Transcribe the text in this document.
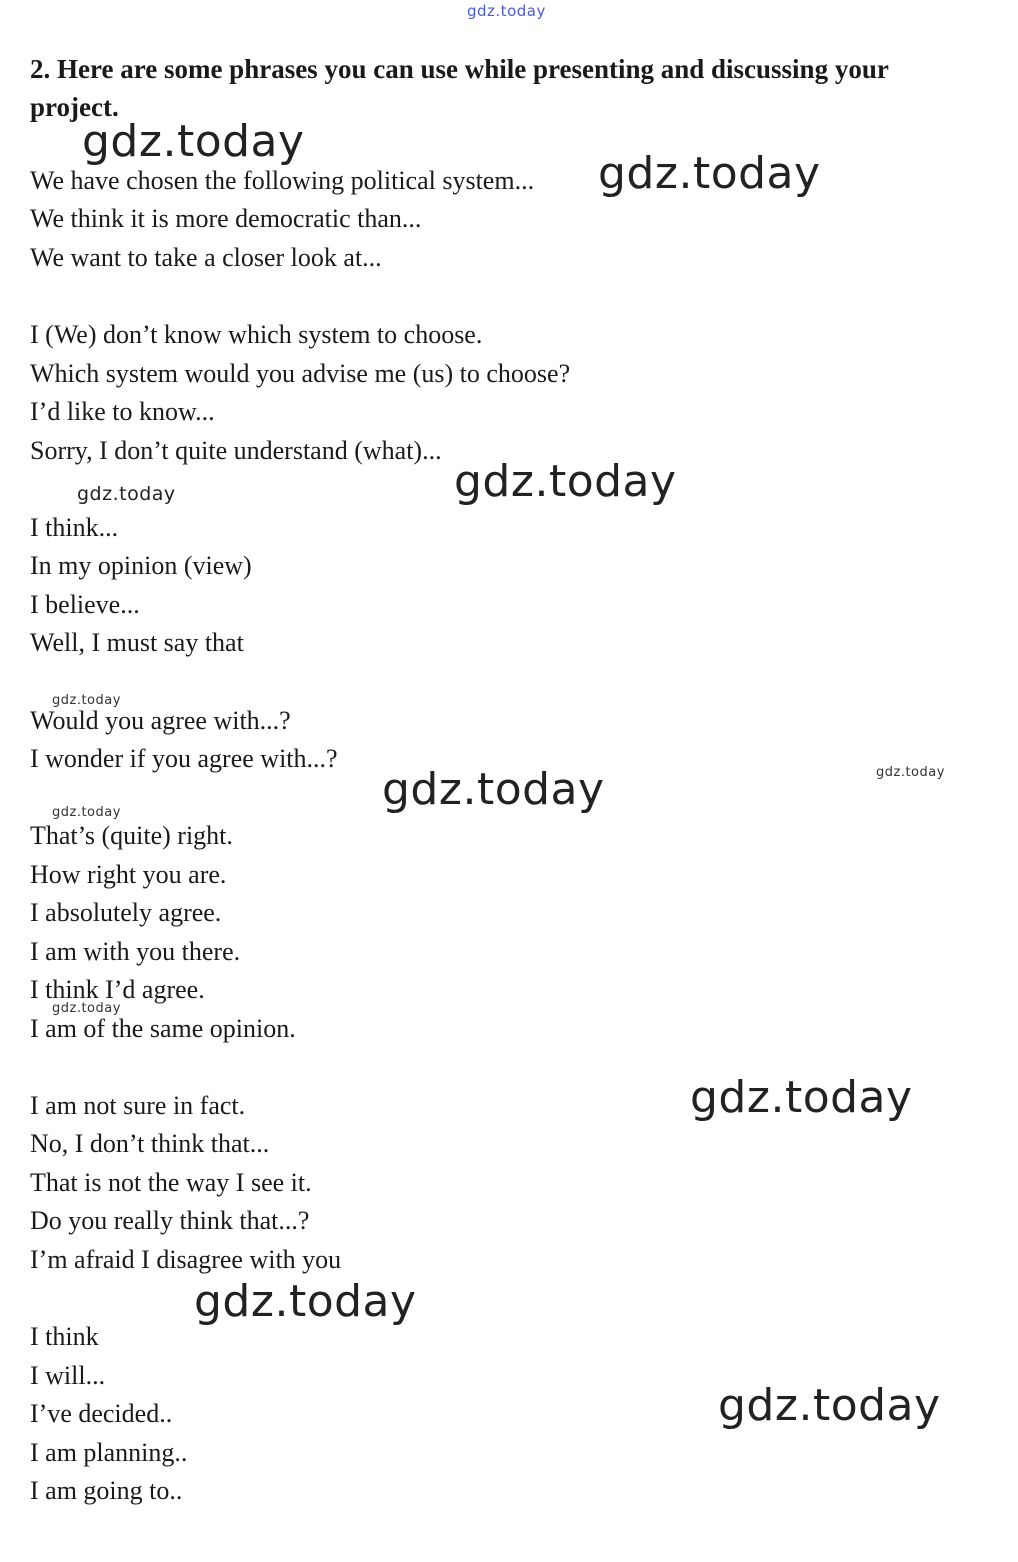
gdz.today

2. Here are some phrases you can use while presenting and discussing your project.

We have chosen the following political system...

We think it is more democratic than...

We want to take a closer look at...

I (We) don’t know which system to choose.

Which system would you advise me (us) to choose?

I’d like to know...

Sorry, I don’t quite understand (what)...

I think...

In my opinion (view)

I believe...

Well, I must say that

Would you agree with...?

I wonder if you agree with...?

That’s (quite) right.

How right you are.

I absolutely agree.

I am with you there.

I think I’d agree.

I am of the same opinion.

I am not sure in fact.

No, I don’t think that...

That is not the way I see it.

Do you really think that...?

I’m afraid I disagree with you

I think

I will...

I’ve decided..

I am planning..

I am going to..

gdz.today
gdz.today
gdz.today
gdz.today
gdz.today
gdz.today	gdz.today
gdz.today
gdz.today
gdz.today
gdz.today
gdz.today
